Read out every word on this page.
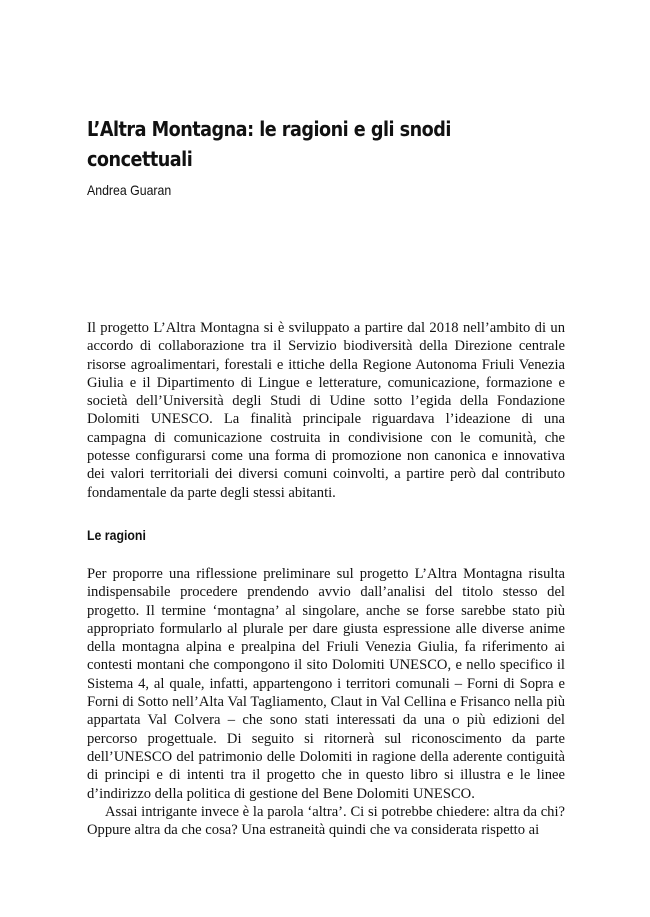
L’Altra Montagna: le ragioni e gli snodi concettuali

Andrea Guaran

Il progetto L’Altra Montagna si è sviluppato a partire dal 2018 nell’ambito di un accordo di collaborazione tra il Servizio biodiversità della Direzione centrale risorse agroalimentari, forestali e ittiche della Regione Autonoma Friuli Venezia Giulia e il Dipartimento di Lingue e letterature, comunicazione, formazione e società dell’Università degli Studi di Udine sotto l’egida della Fondazione Dolomiti UNESCO. La finalità principale riguardava l’ideazione di una campagna di comunicazione costruita in condivisione con le comunità, che potesse configurarsi come una forma di promozione non canonica e innovativa dei valori territoriali dei diversi comuni coinvolti, a partire però dal contributo fondamentale da parte degli stessi abitanti.

Le ragioni

Per proporre una riflessione preliminare sul progetto L’Altra Montagna risulta indispensabile procedere prendendo avvio dall’analisi del titolo stesso del progetto. Il termine ‘montagna’ al singolare, anche se forse sarebbe stato più appropriato formularlo al plurale per dare giusta espressione alle diverse anime della montagna alpina e prealpina del Friuli Venezia Giulia, fa riferimento ai contesti montani che compongono il sito Dolomiti UNESCO, e nello specifico il Sistema 4, al quale, infatti, appartengono i territori comunali – Forni di Sopra e Forni di Sotto nell’Alta Val Tagliamento, Claut in Val Cellina e Frisanco nella più appartata Val Colvera – che sono stati interessati da una o più edizioni del percorso progettuale. Di seguito si ritornerà sul riconoscimento da parte dell’UNESCO del patrimonio delle Dolomiti in ragione della aderente contiguità di principi e di intenti tra il progetto che in questo libro si illustra e le linee d’indirizzo della politica di gestione del Bene Dolomiti UNESCO.

Assai intrigante invece è la parola ‘altra’. Ci si potrebbe chiedere: altra da chi? Oppure altra da che cosa? Una estraneità quindi che va considerata rispetto ai
